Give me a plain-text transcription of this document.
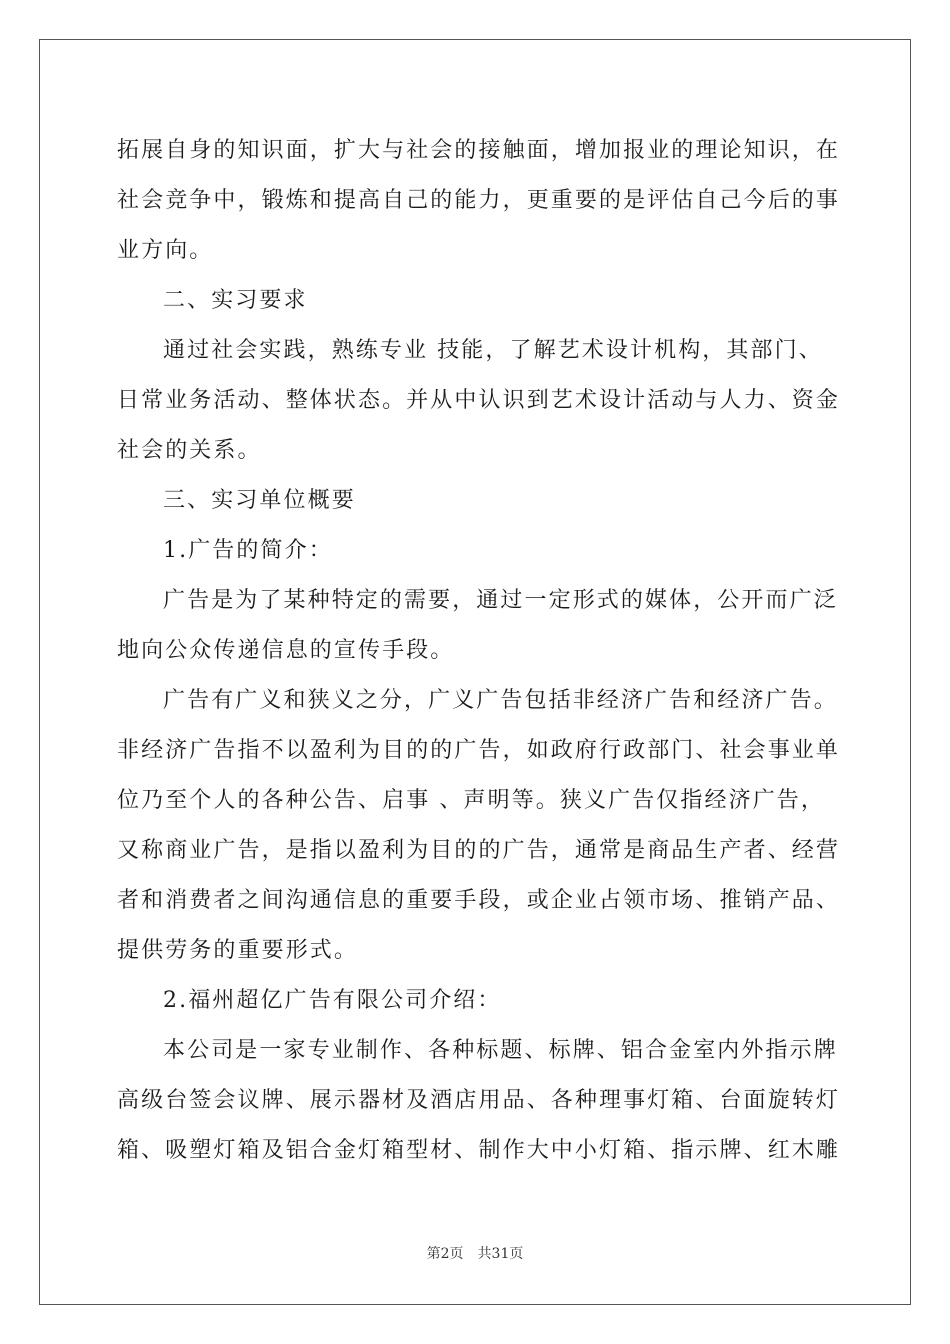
拓展自身的知识面，扩大与社会的接触面，增加报业的理论知识，在
社会竞争中，锻炼和提高自己的能力，更重要的是评估自己今后的事
业方向。
二、实习要求
通过社会实践，熟练专业 技能，了解艺术设计机构，其部门、
日常业务活动、整体状态。并从中认识到艺术设计活动与人力、资金
社会的关系。
三、实习单位概要
1.广告的简介：
广告是为了某种特定的需要，通过一定形式的媒体，公开而广泛
地向公众传递信息的宣传手段。
广告有广义和狭义之分，广义广告包括非经济广告和经济广告。
非经济广告指不以盈利为目的的广告，如政府行政部门、社会事业单
位乃至个人的各种公告、启事 、声明等。狭义广告仅指经济广告，
又称商业广告，是指以盈利为目的的广告，通常是商品生产者、经营
者和消费者之间沟通信息的重要手段，或企业占领市场、推销产品、
提供劳务的重要形式。
2.福州超亿广告有限公司介绍：
本公司是一家专业制作、各种标题、标牌、铝合金室内外指示牌
高级台签会议牌、展示器材及酒店用品、各种理事灯箱、台面旋转灯
箱、吸塑灯箱及铝合金灯箱型材、制作大中小灯箱、指示牌、红木雕
第2页 共31页
